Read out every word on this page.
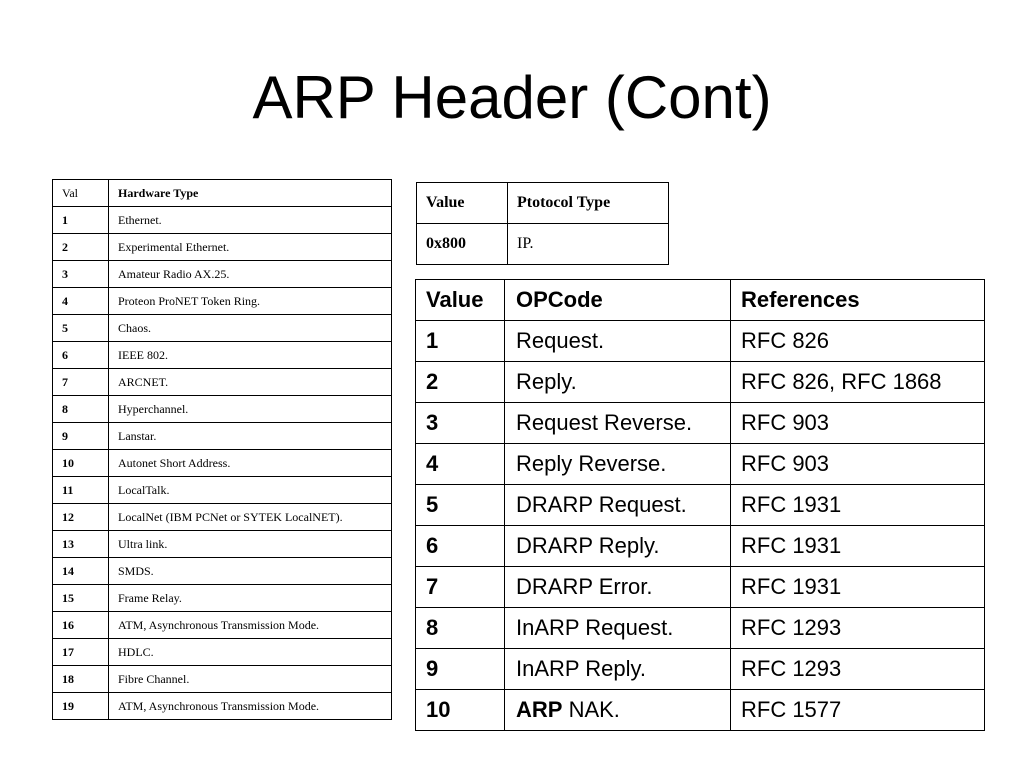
ARP Header (Cont)
Val	Hardware Type
1	Ethernet.
2	Experimental Ethernet.
3	Amateur Radio AX.25.
4	Proteon ProNET Token Ring.
5	Chaos.
6	IEEE 802.
7	ARCNET.
8	Hyperchannel.
9	Lanstar.
10	Autonet Short Address.
11	LocalTalk.
12	LocalNet (IBM PCNet or SYTEK LocalNET).
13	Ultra link.
14	SMDS.
15	Frame Relay.
16	ATM, Asynchronous Transmission Mode.
17	HDLC.
18	Fibre Channel.
19	ATM, Asynchronous Transmission Mode.
Value	Ptotocol Type
0x800	IP.
Value	OPCode	References
1	Request.	RFC 826
2	Reply.	RFC 826, RFC 1868
3	Request Reverse.	RFC 903
4	Reply Reverse.	RFC 903
5	DRARP Request.	RFC 1931
6	DRARP Reply.	RFC 1931
7	DRARP Error.	RFC 1931
8	InARP Request.	RFC 1293
9	InARP Reply.	RFC 1293
10	ARP NAK.	RFC 1577
